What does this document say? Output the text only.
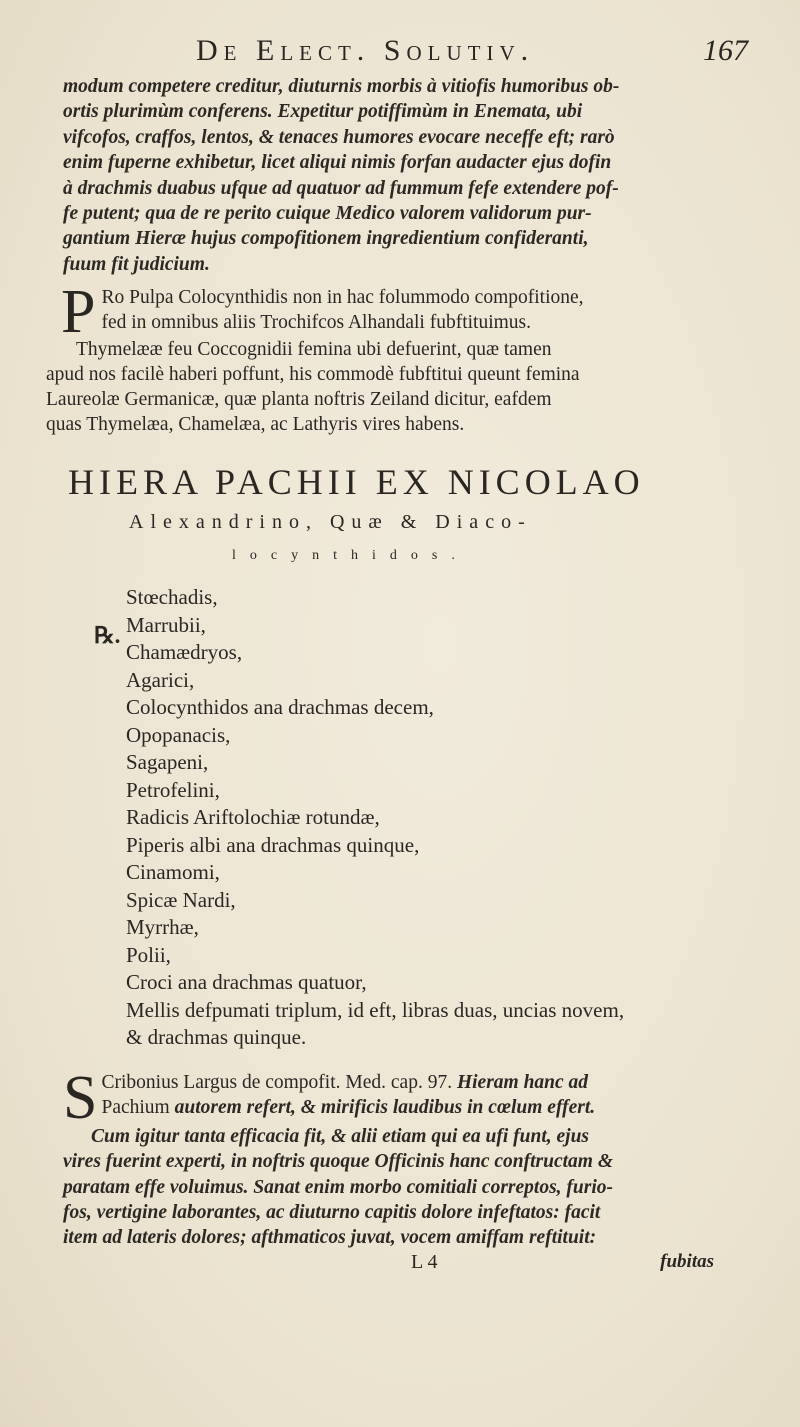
De Elect. Solutiv.	167
modum competere creditur, diuturnis morbis à vitiofis humoribus ob-
ortis plurimùm conferens. Expetitur potiffimùm in Enemata, ubi
vifcofos, craffos, lentos, & tenaces humores evocare neceffe eft; rarò
enim fuperne exhibetur, licet aliqui nimis forfan audacter ejus dofin
à drachmis duabus ufque ad quatuor ad fummum fefe extendere pof-
fe putent; qua de re perito cuique Medico valorem validorum pur-
gantium Hieræ hujus compofitionem ingredientium confideranti,
fuum fit judicium.
P Ro Pulpa Colocynthidis non in hac folummodo compofitione,
fed in omnibus aliis Trochifcos Alhandali fubftituimus.
Thymelææ feu Coccognidii femina ubi defuerint, quæ tamen
apud nos facilè haberi poffunt, his commodè fubftitui queunt femina
Laureolæ Germanicæ, quæ planta noftris Zeiland dicitur, eafdem
quas Thymelæa, Chamelæa, ac Lathyris vires habens.
HIERA PACHII EX NICOLAO
Alexandrino, Quæ & Diaco-
locynthidos.
℞.
Stœchadis,
Marrubii,
Chamædryos,
Agarici,
Colocynthidos ana drachmas decem,
Opopanacis,
Sagapeni,
Petrofelini,
Radicis Ariftolochiæ rotundæ,
Piperis albi ana drachmas quinque,
Cinamomi,
Spicæ Nardi,
Myrrhæ,
Polii,
Croci ana drachmas quatuor,
Mellis defpumati triplum, id eft, libras duas, uncias novem,
& drachmas quinque.
S Cribonius Largus de compofit. Med. cap. 97. Hieram hanc ad
Pachium autorem refert, & mirificis laudibus in cœlum effert.
Cum igitur tanta efficacia fit, & alii etiam qui ea ufi funt, ejus
vires fuerint experti, in noftris quoque Officinis hanc conftructam &
paratam effe voluimus. Sanat enim morbo comitiali correptos, furio-
fos, vertigine laborantes, ac diuturno capitis dolore infeftatos: facit
item ad lateris dolores; afthmaticos juvat, vocem amiffam reftituit:
L 4	fubitas
